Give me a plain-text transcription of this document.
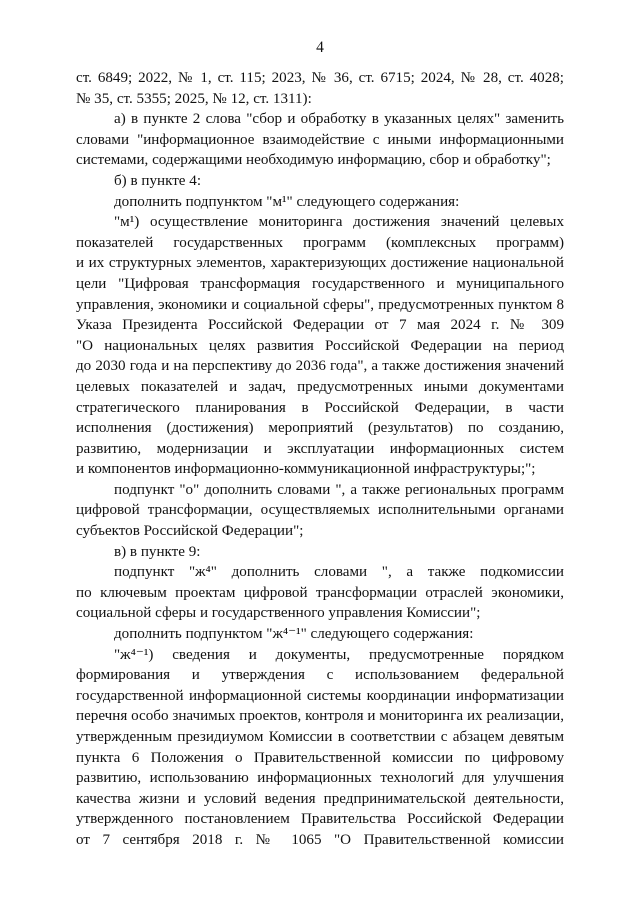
4
ст. 6849; 2022, № 1, ст. 115; 2023, № 36, ст. 6715; 2024, № 28, ст. 4028;
№ 35, ст. 5355; 2025, № 12, ст. 1311):
а) в пункте 2 слова "сбор и обработку в указанных целях" заменить
словами "информационное взаимодействие с иными информационными
системами, содержащими необходимую информацию, сбор и обработку";
б) в пункте 4:
дополнить подпунктом "м¹" следующего содержания:
"м¹) осуществление мониторинга достижения значений целевых
показателей государственных программ (комплексных программ)
и их структурных элементов, характеризующих достижение национальной
цели "Цифровая трансформация государственного и муниципального
управления, экономики и социальной сферы", предусмотренных пунктом 8
Указа Президента Российской Федерации от 7 мая 2024 г. № 309
"О национальных целях развития Российской Федерации на период
до 2030 года и на перспективу до 2036 года", а также достижения значений
целевых показателей и задач, предусмотренных иными документами
стратегического планирования в Российской Федерации, в части
исполнения (достижения) мероприятий (результатов) по созданию,
развитию, модернизации и эксплуатации информационных систем
и компонентов информационно-коммуникационной инфраструктуры;";
подпункт "о" дополнить словами ", а также региональных программ
цифровой трансформации, осуществляемых исполнительными органами
субъектов Российской Федерации";
в) в пункте 9:
подпункт "ж⁴" дополнить словами ", а также подкомиссии
по ключевым проектам цифровой трансформации отраслей экономики,
социальной сферы и государственного управления Комиссии";
дополнить подпунктом "ж⁴⁻¹" следующего содержания:
"ж⁴⁻¹) сведения и документы, предусмотренные порядком
формирования и утверждения с использованием федеральной
государственной информационной системы координации информатизации
перечня особо значимых проектов, контроля и мониторинга их реализации,
утвержденным президиумом Комиссии в соответствии с абзацем девятым
пункта 6 Положения о Правительственной комиссии по цифровому
развитию, использованию информационных технологий для улучшения
качества жизни и условий ведения предпринимательской деятельности,
утвержденного постановлением Правительства Российской Федерации
от 7 сентября 2018 г. № 1065 "О Правительственной комиссии
